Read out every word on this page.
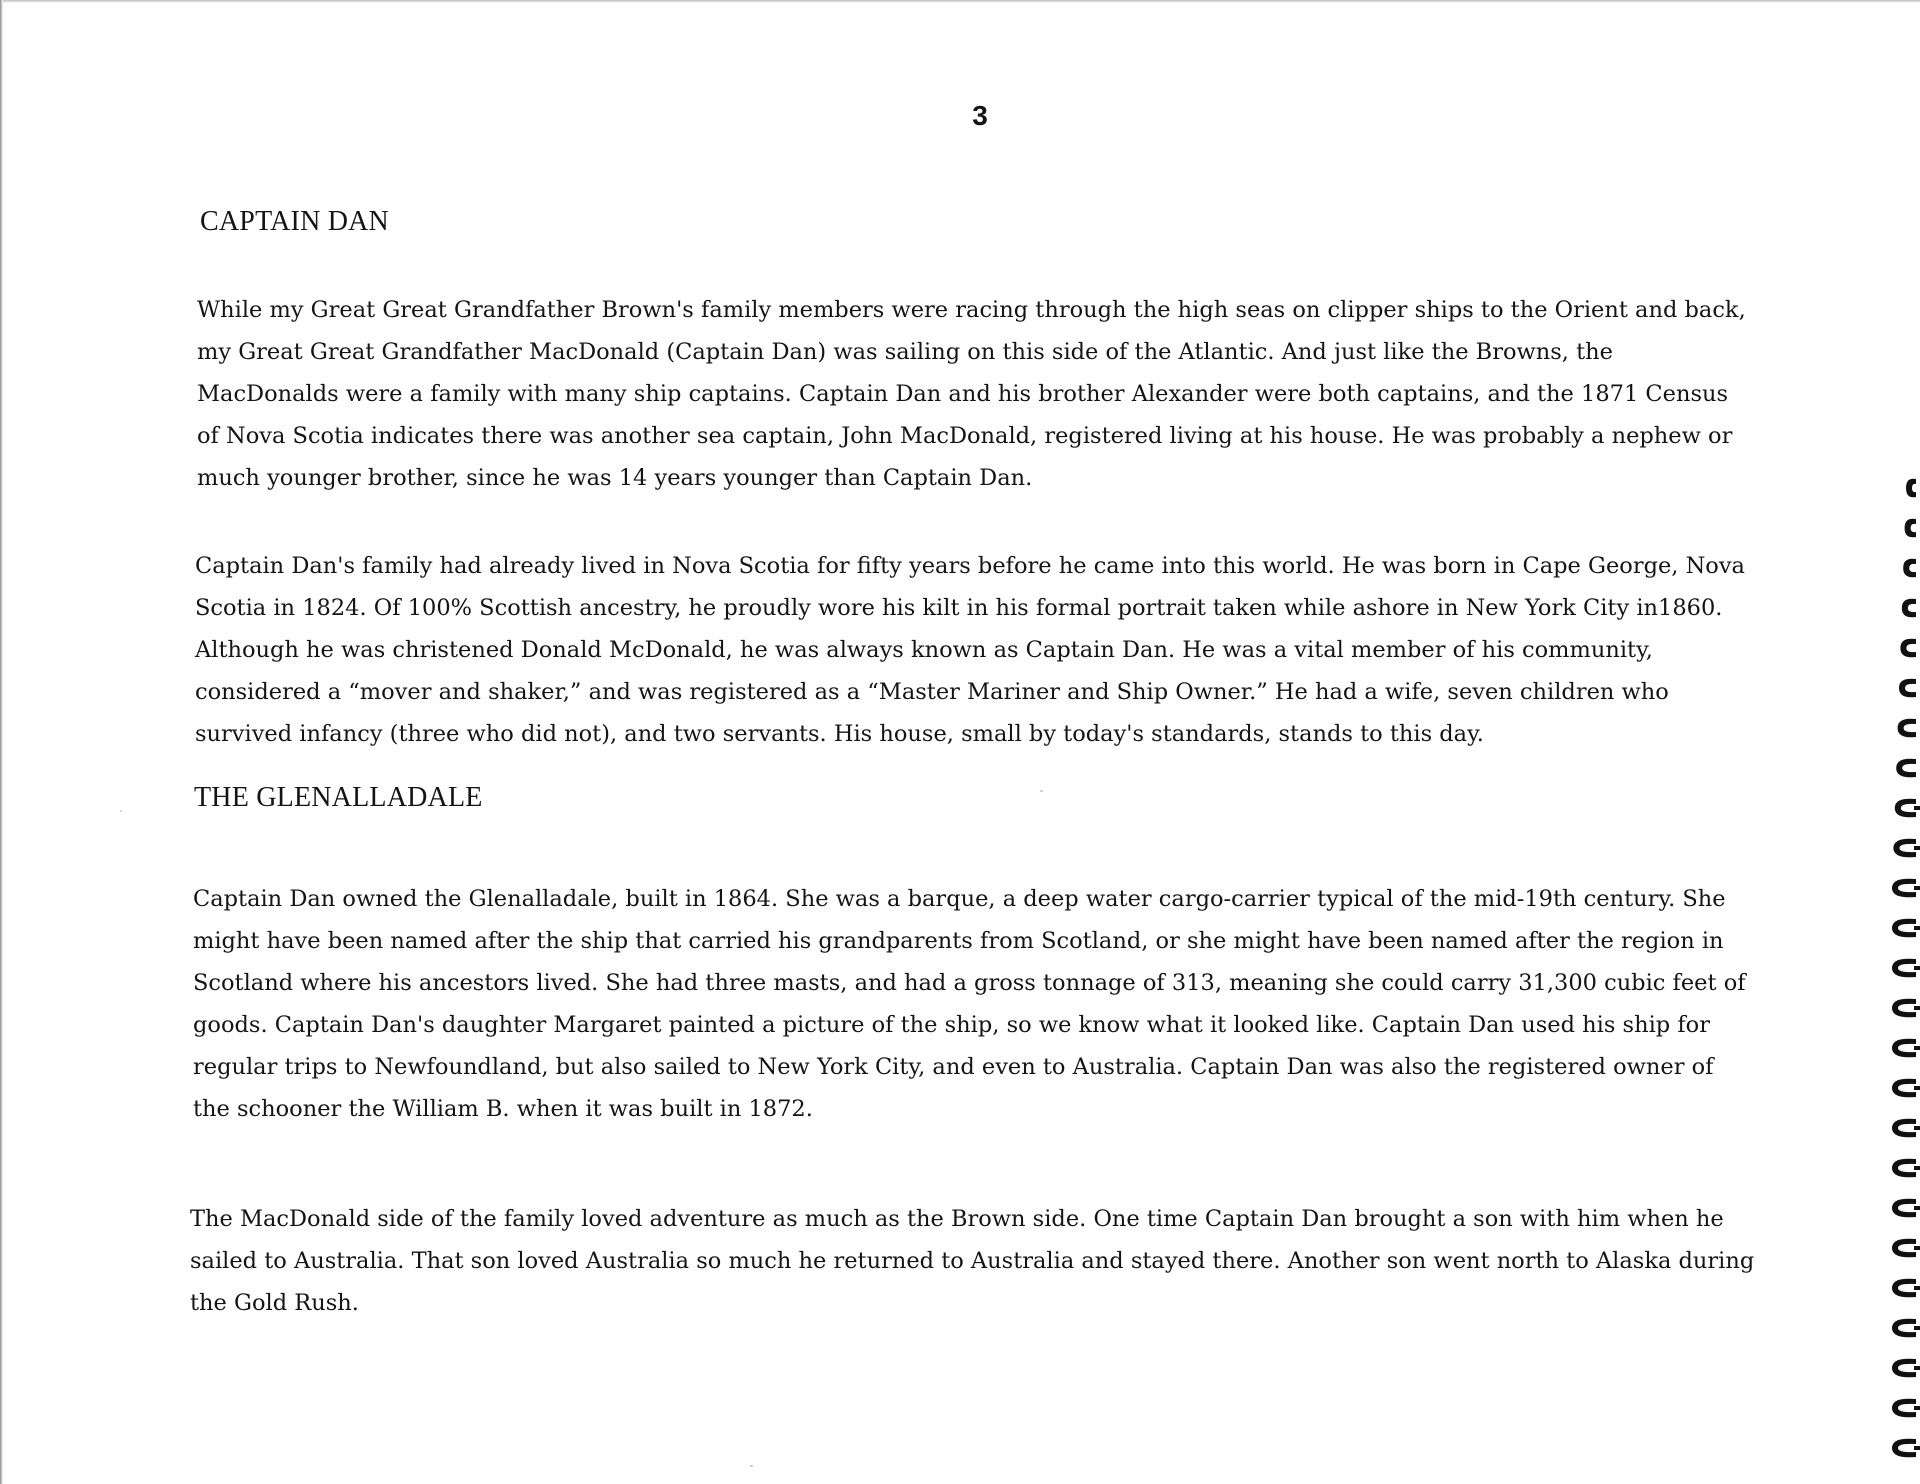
3
CAPTAIN DAN

While my Great Great Grandfather Brown's family members were racing through the high seas on clipper ships to the Orient and back, my Great Great Grandfather MacDonald (Captain Dan) was sailing on this side of the Atlantic. And just like the Browns, the MacDonalds were a family with many ship captains. Captain Dan and his brother Alexander were both captains, and the 1871 Census of Nova Scotia indicates there was another sea captain, John MacDonald, registered living at his house. He was probably a nephew or much younger brother, since he was 14 years younger than Captain Dan.

Captain Dan's family had already lived in Nova Scotia for fifty years before he came into this world. He was born in Cape George, Nova Scotia in 1824. Of 100% Scottish ancestry, he proudly wore his kilt in his formal portrait taken while ashore in New York City in1860. Although he was christened Donald McDonald, he was always known as Captain Dan. He was a vital member of his community, considered a “mover and shaker,” and was registered as a “Master Mariner and Ship Owner.” He had a wife, seven children who survived infancy (three who did not), and two servants. His house, small by today's standards, stands to this day.

THE GLENALLADALE

Captain Dan owned the Glenalladale, built in 1864. She was a barque, a deep water cargo-carrier typical of the mid-19th century. She might have been named after the ship that carried his grandparents from Scotland, or she might have been named after the region in Scotland where his ancestors lived. She had three masts, and had a gross tonnage of 313, meaning she could carry 31,300 cubic feet of goods. Captain Dan's daughter Margaret painted a picture of the ship, so we know what it looked like. Captain Dan used his ship for regular trips to Newfoundland, but also sailed to New York City, and even to Australia. Captain Dan was also the registered owner of the schooner the William B. when it was built in 1872.

The MacDonald side of the family loved adventure as much as the Brown side. One time Captain Dan brought a son with him when he sailed to Australia. That son loved Australia so much he returned to Australia and stayed there. Another son went north to Alaska during the Gold Rush.
